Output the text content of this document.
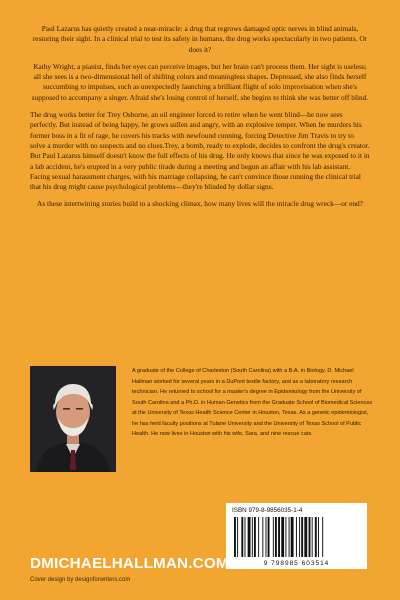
Paul Lazarus has quietly created a near-miracle: a drug that regrows damaged optic nerves in blind animals, restoring their sight. In a clinical trial to test its safety in humans, the drug works spectacularly in two patients. Or does it?

Kathy Wright, a pianist, finds her eyes can perceive images, but her brain can't process them. Her sight is useless; all she sees is a two-dimensional hell of shifting colors and meaningless shapes. Depressed, she also finds herself succumbing to impulses, such as unexpectedly launching a brilliant flight of solo improvisation when she's supposed to accompany a singer. Afraid she's losing control of herself, she begins to think she was better off blind.

The drug works better for Trey Osborne, an oil engineer forced to retire when he went blind—he now sees perfectly. But instead of being happy, he grows sullen and angry, with an explosive temper. When he murders his former boss in a fit of rage, he covers his tracks with newfound cunning, forcing Detective Jim Travis to try to solve a murder with no suspects and no clues.Trey, a bomb, ready to explode, decides to confront the drug's creator. But Paul Lazarus himself doesn't know the full effects of his drug. He only knows that since he was exposed to it in a lab accident, he's erupted in a very public tirade during a meeting and begun an affair with his lab assistant. Facing sexual harassment charges, with his marriage collapsing, he can't convince those running the clinical trial that his drug might cause psychological problems—they're blinded by dollar signs.

As these intertwining stories build to a shocking climax, how many lives will the miracle drug wreck—or end?

A graduate of the College of Charleston (South Carolina) with a B.A. in Biology, D. Michael Hallman worked for several years in a DuPont textile factory, and as a laboratory research technician. He returned to school for a master's degree in Epidemiology from the University of South Carolina and a Ph.D. in Human Genetics from the Graduate School of Biomedical Sciences at the University of Texas Health Science Center in Houston, Texas. As a genetic epidemiologist, he has held faculty positions at Tulane University and the University of Texas School of Public Health. He now lives in Houston with his wife, Sara, and nine rescue cats.
ISBN 979-8-9856035-1-4
9 798985 603514
DMICHAELHALLMAN.COM
Cover design by designforwriters.com
